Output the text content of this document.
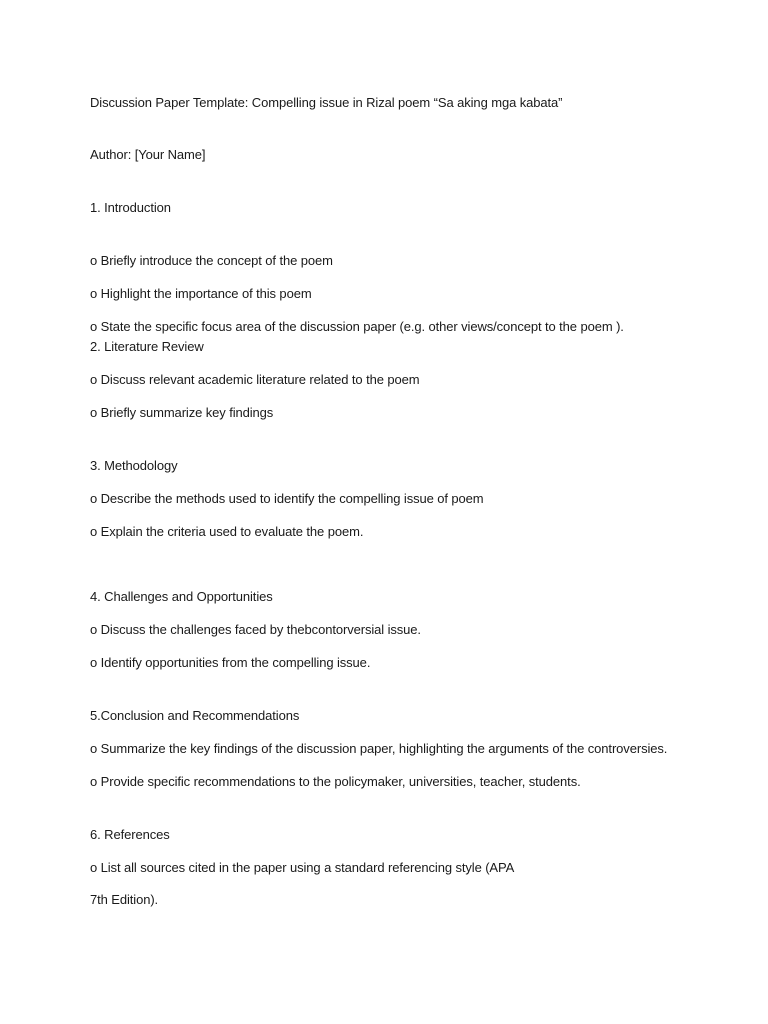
Discussion Paper Template: Compelling issue in Rizal poem “Sa aking mga kabata”
Author: [Your Name]
1. Introduction
o Briefly introduce the concept of the poem
o Highlight the importance of this poem
o State the specific focus area of the discussion paper (e.g. other views/concept to the poem ).
2. Literature Review
o Discuss relevant academic literature related to the poem
o Briefly summarize key findings
3. Methodology
o Describe the methods used to identify the compelling issue of poem
o Explain the criteria used to evaluate the poem.
4. Challenges and Opportunities
o Discuss the challenges faced by thebcontorversial issue.
o Identify opportunities from the compelling issue.
5.Conclusion and Recommendations
o Summarize the key findings of the discussion paper, highlighting the arguments of the controversies.
o Provide specific recommendations to the policymaker, universities, teacher, students.
6. References
o List all sources cited in the paper using a standard referencing style (APA
7th Edition).
